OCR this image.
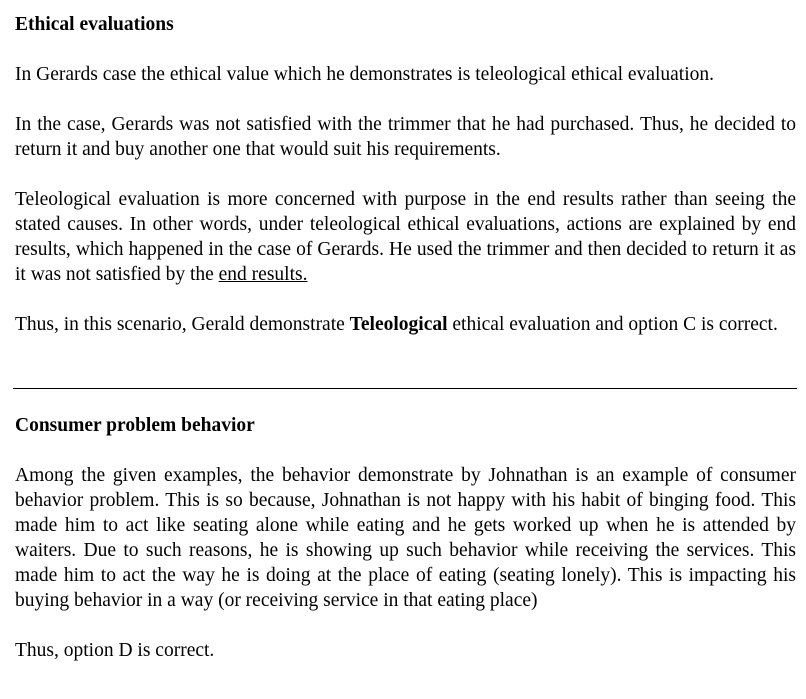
Ethical evaluations

In Gerards case the ethical value which he demonstrates is teleological ethical evaluation.

In the case, Gerards was not satisfied with the trimmer that he had purchased. Thus, he decided to return it and buy another one that would suit his requirements.

Teleological evaluation is more concerned with purpose in the end results rather than seeing the stated causes. In other words, under teleological ethical evaluations, actions are explained by end results, which happened in the case of Gerards. He used the trimmer and then decided to return it as it was not satisfied by the end results.

Thus, in this scenario, Gerald demonstrate Teleological ethical evaluation and option C is correct.

Consumer problem behavior

Among the given examples, the behavior demonstrate by Johnathan is an example of consumer behavior problem. This is so because, Johnathan is not happy with his habit of binging food. This made him to act like seating alone while eating and he gets worked up when he is attended by waiters. Due to such reasons, he is showing up such behavior while receiving the services. This made him to act the way he is doing at the place of eating (seating lonely). This is impacting his buying behavior in a way (or receiving service in that eating place)

Thus, option D is correct.
